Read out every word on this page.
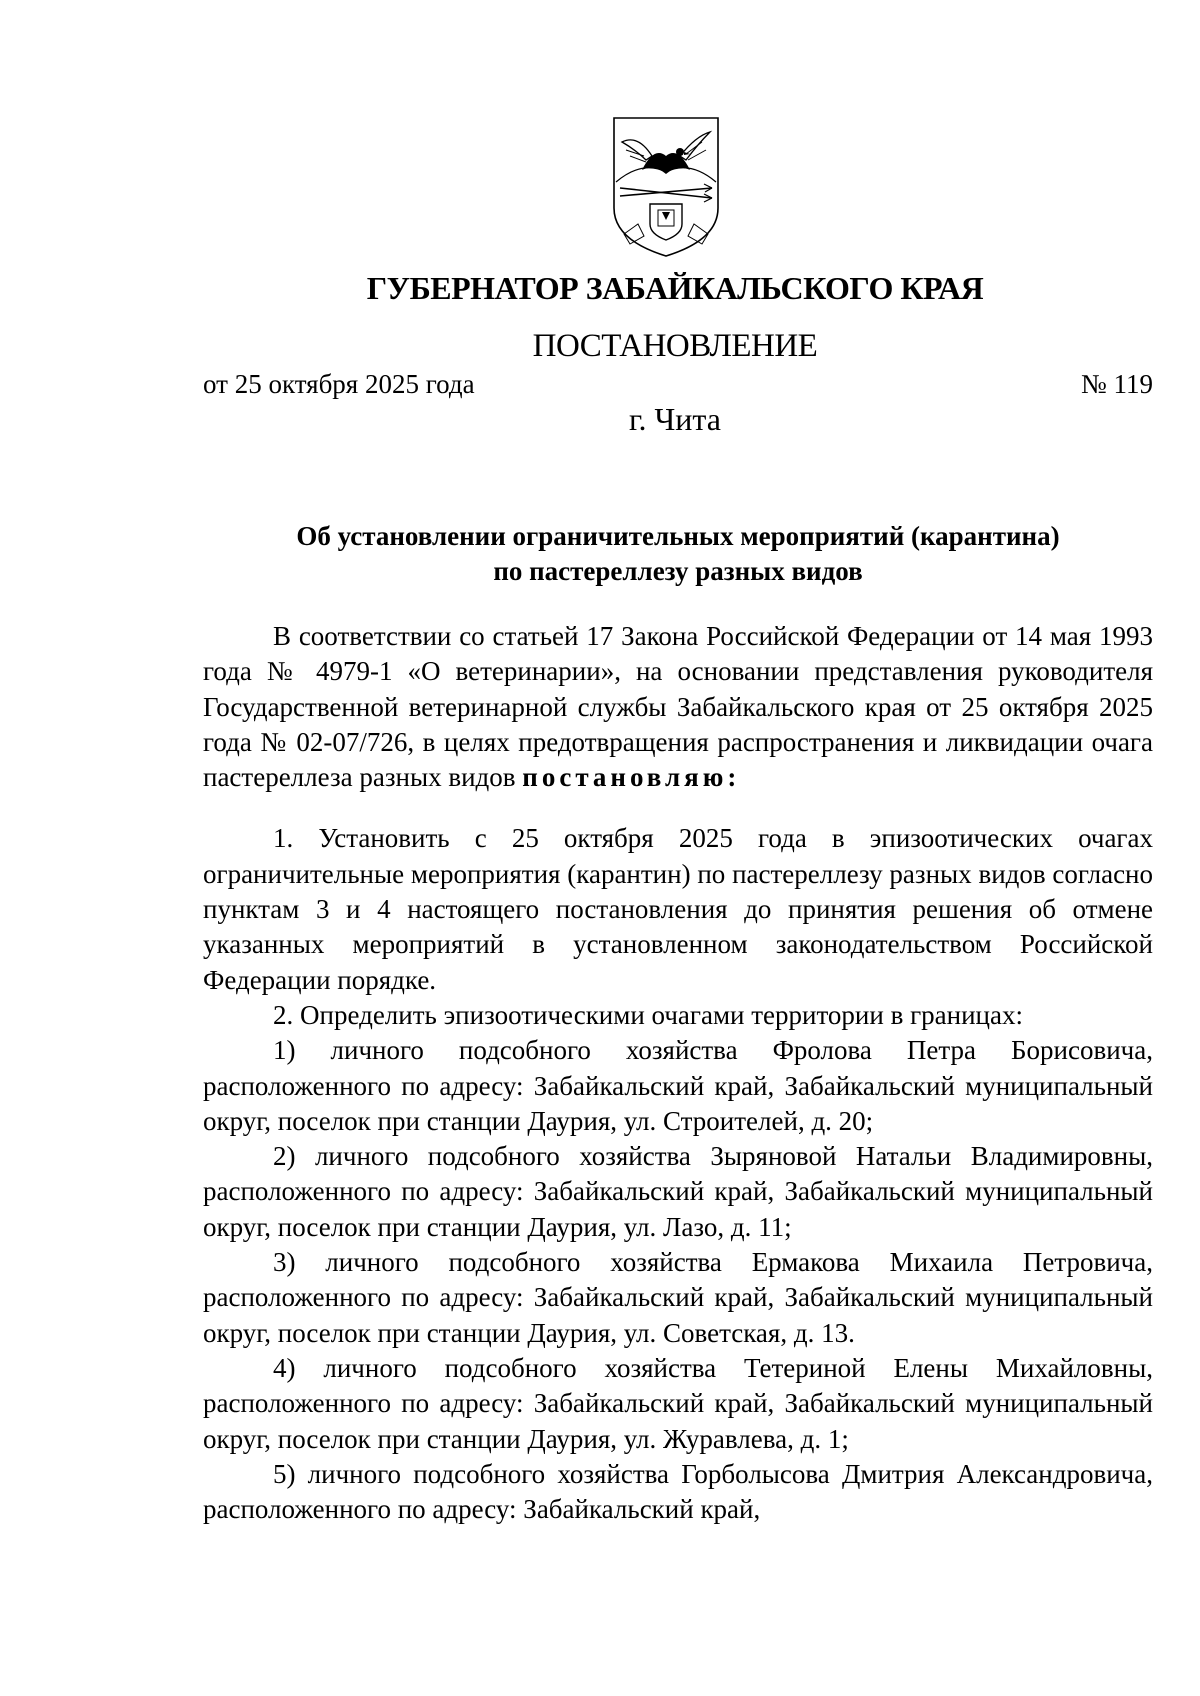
ГУБЕРНАТОР ЗАБАЙКАЛЬСКОГО КРАЯ
ПОСТАНОВЛЕНИЕ
от 25 октября 2025 года	№ 119
г. Чита
Об установлении ограничительных мероприятий (карантина)
по пастереллезу разных видов

В соответствии со статьей 17 Закона Российской Федерации от 14 мая 1993 года № 4979-1 «О ветеринарии», на основании представления руководителя Государственной ветеринарной службы Забайкальского края от 25 октября 2025 года № 02-07/726, в целях предотвращения распространения и ликвидации очага пастереллеза разных видов постановляю:

1. Установить с 25 октября 2025 года в эпизоотических очагах ограничительные мероприятия (карантин) по пастереллезу разных видов согласно пунктам 3 и 4 настоящего постановления до принятия решения об отмене указанных мероприятий в установленном законодательством Российской Федерации порядке.

2. Определить эпизоотическими очагами территории в границах:

1) личного подсобного хозяйства Фролова Петра Борисовича, расположенного по адресу: Забайкальский край, Забайкальский муниципальный округ, поселок при станции Даурия, ул. Строителей, д. 20;

2) личного подсобного хозяйства Зыряновой Натальи Владимировны, расположенного по адресу: Забайкальский край, Забайкальский муниципальный округ, поселок при станции Даурия, ул. Лазо, д. 11;

3) личного подсобного хозяйства Ермакова Михаила Петровича, расположенного по адресу: Забайкальский край, Забайкальский муниципальный округ, поселок при станции Даурия, ул. Советская, д. 13.

4) личного подсобного хозяйства Тетериной Елены Михайловны, расположенного по адресу: Забайкальский край, Забайкальский муниципальный округ, поселок при станции Даурия, ул. Журавлева, д. 1;

5) личного подсобного хозяйства Горболысова Дмитрия Александровича, расположенного по адресу: Забайкальский край,
